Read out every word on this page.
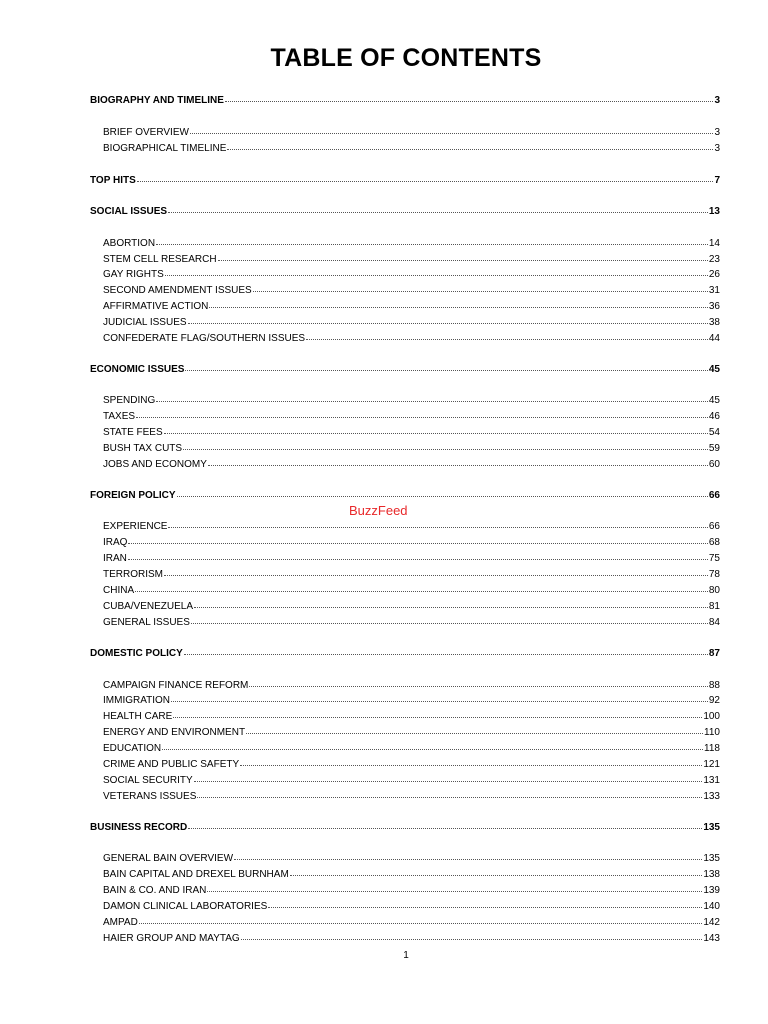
TABLE OF CONTENTS
BIOGRAPHY AND TIMELINE	3
BRIEF OVERVIEW	3
BIOGRAPHICAL TIMELINE	3
TOP HITS	7
SOCIAL ISSUES	13
ABORTION	14
STEM CELL RESEARCH	23
GAY RIGHTS	26
SECOND AMENDMENT ISSUES	31
AFFIRMATIVE ACTION	36
JUDICIAL ISSUES	38
CONFEDERATE FLAG/SOUTHERN ISSUES	44
ECONOMIC ISSUES	45
SPENDING	45
TAXES	46
STATE FEES	54
BUSH TAX CUTS	59
JOBS AND ECONOMY	60
FOREIGN POLICY	66
BuzzFeed
EXPERIENCE	66
IRAQ	68
IRAN	75
TERRORISM	78
CHINA	80
CUBA/VENEZUELA	81
GENERAL ISSUES	84
DOMESTIC POLICY	87
CAMPAIGN FINANCE REFORM	88
IMMIGRATION	92
HEALTH CARE	100
ENERGY AND ENVIRONMENT	110
EDUCATION	118
CRIME AND PUBLIC SAFETY	121
SOCIAL SECURITY	131
VETERANS ISSUES	133
BUSINESS RECORD	135
GENERAL BAIN OVERVIEW	135
BAIN CAPITAL AND DREXEL BURNHAM	138
BAIN & CO. AND IRAN	139
DAMON CLINICAL LABORATORIES	140
AMPAD	142
HAIER GROUP AND MAYTAG	143
1
